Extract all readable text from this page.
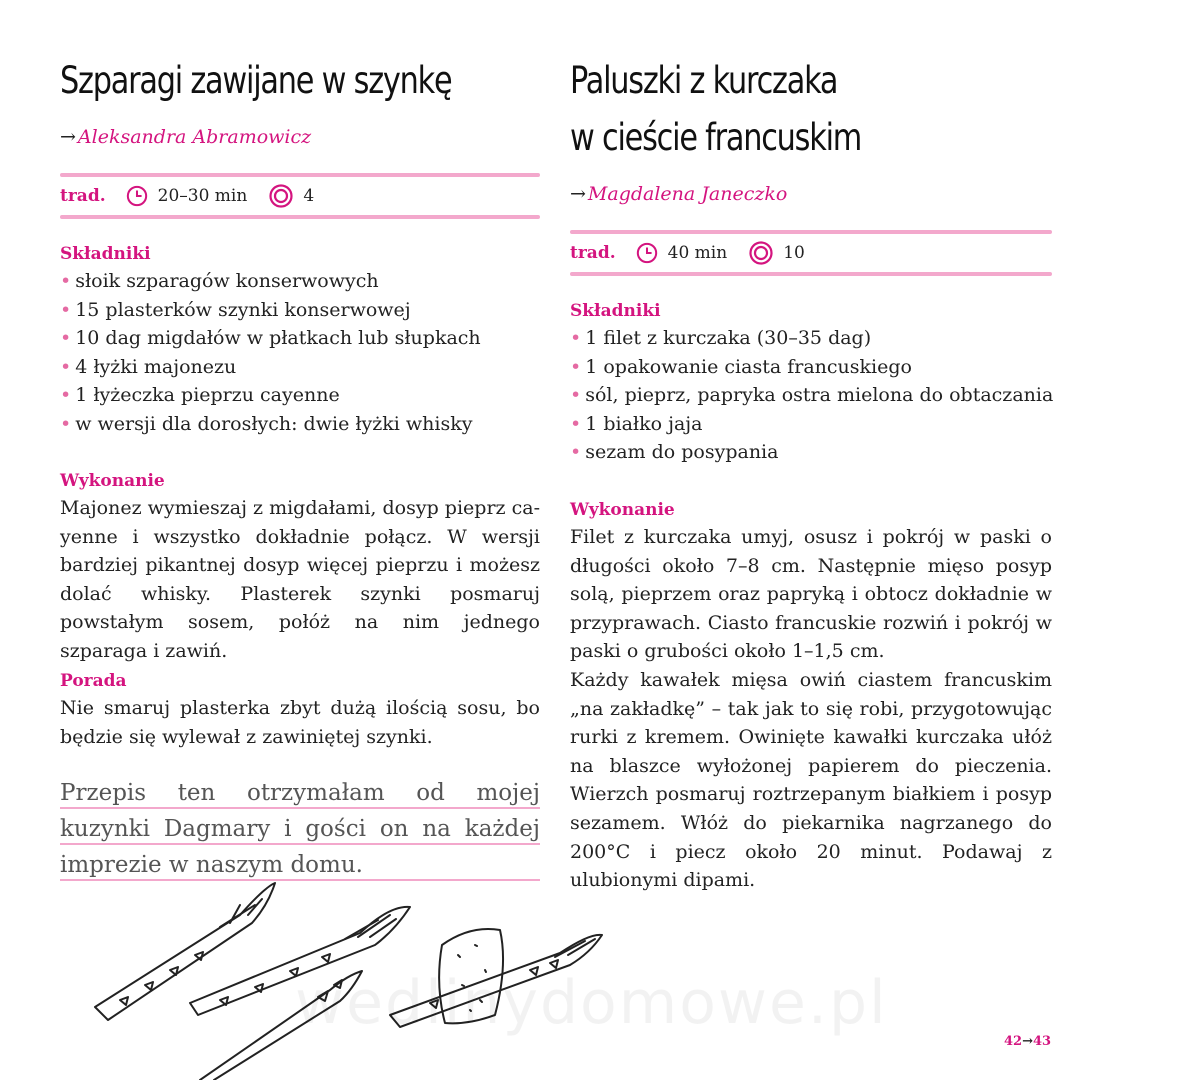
Szparagi zawijane w szynkę
→ Aleksandra Abramowicz
trad.	20–30 min	4
Składniki
• słoik szparagów konserwowych
• 15 plasterków szynki konserwowej
• 10 dag migdałów w płatkach lub słupkach
• 4 łyżki majonezu
• 1 łyżeczka pieprzu cayenne
• w wersji dla dorosłych: dwie łyżki whisky
Wykonanie

Majonez wymieszaj z migdałami, dosyp pieprz cayenne i wszystko dokładnie połącz. W wersji bardziej pikantnej dosyp więcej pieprzu i możesz dolać whisky. Plasterek szynki posmaruj powstałym sosem, połóż na nim jednego szparaga i zawiń.

Porada

Nie smaruj plasterka zbyt dużą ilością sosu, bo będzie się wylewał z zawiniętej szynki.

Przepis ten otrzymałam od mojej kuzynki Dagmary i gości on na każdej imprezie w naszym domu.

Paluszki z kurczaka
w cieście francuskim
→ Magdalena Janeczko
trad.	40 min	10
Składniki
• 1 filet z kurczaka (30–35 dag)
• 1 opakowanie ciasta francuskiego
• sól, pieprz, papryka ostra mielona do obtaczania
• 1 białko jaja
• sezam do posypania
Wykonanie

Filet z kurczaka umyj, osusz i pokrój w paski o długości około 7–8 cm. Następnie mięso posyp solą, pieprzem oraz papryką i obtocz dokładnie w przyprawach. Ciasto francuskie rozwiń i pokrój w paski o grubości około 1–1,5 cm.

Każdy kawałek mięsa owiń ciastem francuskim „na zakładkę” – tak jak to się robi, przygotowując rurki z kremem. Owinięte kawałki kurczaka ułóż na blaszce wyłożonej papierem do pieczenia. Wierzch posmaruj roztrzepanym białkiem i posyp sezamem. Włóż do piekarnika nagrzanego do 200°C i piecz około 20 minut. Podawaj z ulubionymi dipami.

wedlinydomowe.pl
42→43
